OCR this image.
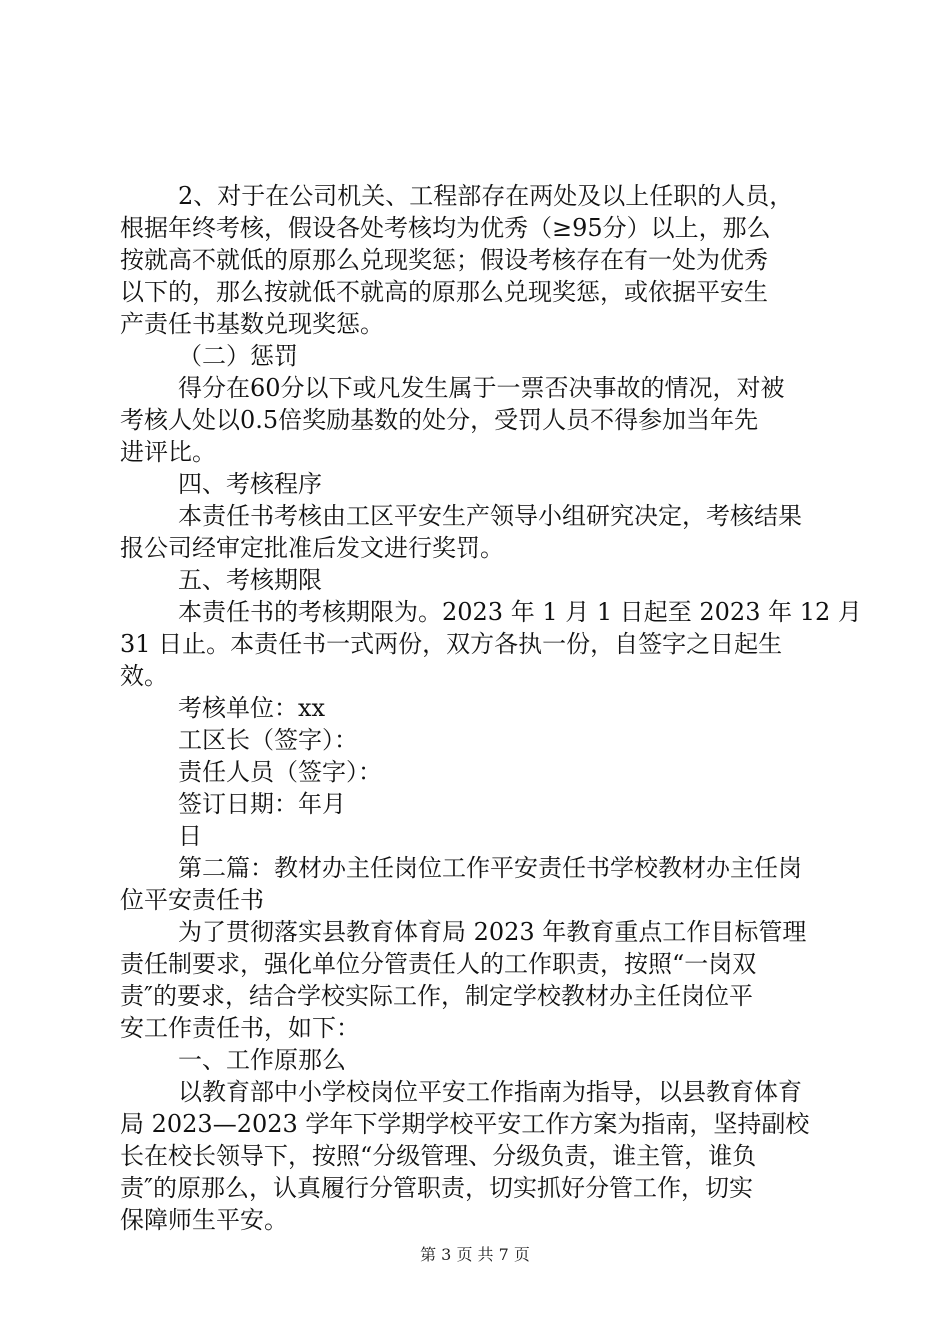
2、对于在公司机关、工程部存在两处及以上任职的人员，
根据年终考核，假设各处考核均为优秀（≥95分）以上，那么
按就高不就低的原那么兑现奖惩；假设考核存在有一处为优秀
以下的，那么按就低不就高的原那么兑现奖惩，或依据平安生
产责任书基数兑现奖惩。
（二）惩罚
得分在60分以下或凡发生属于一票否决事故的情况，对被
考核人处以0.5倍奖励基数的处分，受罚人员不得参加当年先
进评比。
四、考核程序
本责任书考核由工区平安生产领导小组研究决定，考核结果
报公司经审定批准后发文进行奖罚。
五、考核期限
本责任书的考核期限为。2023 年 1 月 1 日起至 2023 年 12 月
31 日止。本责任书一式两份，双方各执一份，自签字之日起生
效。
考核单位：xx
工区长（签字）：
责任人员（签字）：
签订日期：年月
日
第二篇：教材办主任岗位工作平安责任书学校教材办主任岗
位平安责任书
为了贯彻落实县教育体育局 2023 年教育重点工作目标管理
责任制要求，强化单位分管责任人的工作职责，按照“一岗双
责″的要求，结合学校实际工作，制定学校教材办主任岗位平
安工作责任书，如下：
一、工作原那么
以教育部中小学校岗位平安工作指南为指导，以县教育体育
局 2023—2023 学年下学期学校平安工作方案为指南，坚持副校
长在校长领导下，按照“分级管理、分级负责，谁主管，谁负
责″的原那么，认真履行分管职责，切实抓好分管工作，切实
保障师生平安。
第 3 页 共 7 页
